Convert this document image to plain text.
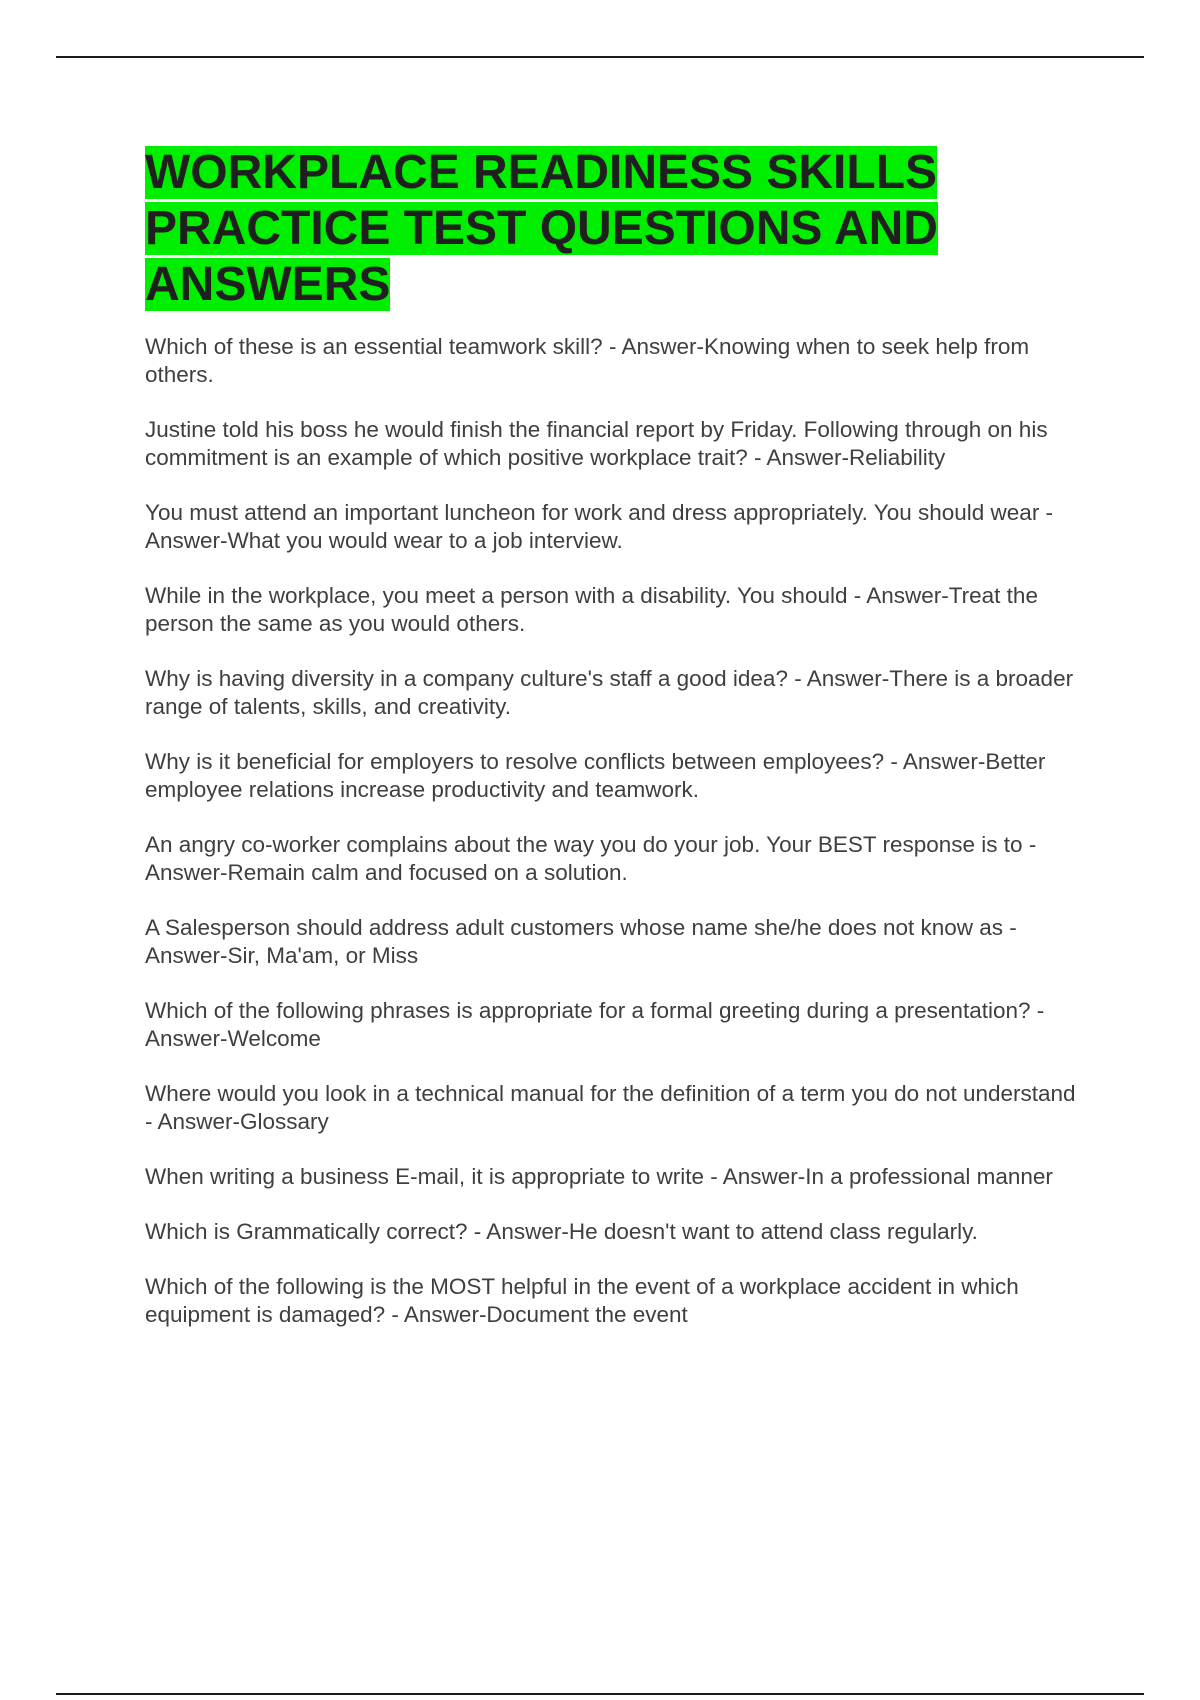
WORKPLACE READINESS SKILLS PRACTICE TEST QUESTIONS AND ANSWERS
Which of these is an essential teamwork skill? - Answer-Knowing when to seek help from others.
Justine told his boss he would finish the financial report by Friday. Following through on his commitment is an example of which positive workplace trait? - Answer-Reliability
You must attend an important luncheon for work and dress appropriately. You should wear - Answer-What you would wear to a job interview.
While in the workplace, you meet a person with a disability. You should - Answer-Treat the person the same as you would others.
Why is having diversity in a company culture's staff a good idea? - Answer-There is a broader range of talents, skills, and creativity.
Why is it beneficial for employers to resolve conflicts between employees? - Answer-Better employee relations increase productivity and teamwork.
An angry co-worker complains about the way you do your job. Your BEST response is to - Answer-Remain calm and focused on a solution.
A Salesperson should address adult customers whose name she/he does not know as - Answer-Sir, Ma'am, or Miss
Which of the following phrases is appropriate for a formal greeting during a presentation? - Answer-Welcome
Where would you look in a technical manual for the definition of a term you do not understand - Answer-Glossary
When writing a business E-mail, it is appropriate to write - Answer-In a professional manner
Which is Grammatically correct? - Answer-He doesn't want to attend class regularly.
Which of the following is the MOST helpful in the event of a workplace accident in which equipment is damaged? - Answer-Document the event
